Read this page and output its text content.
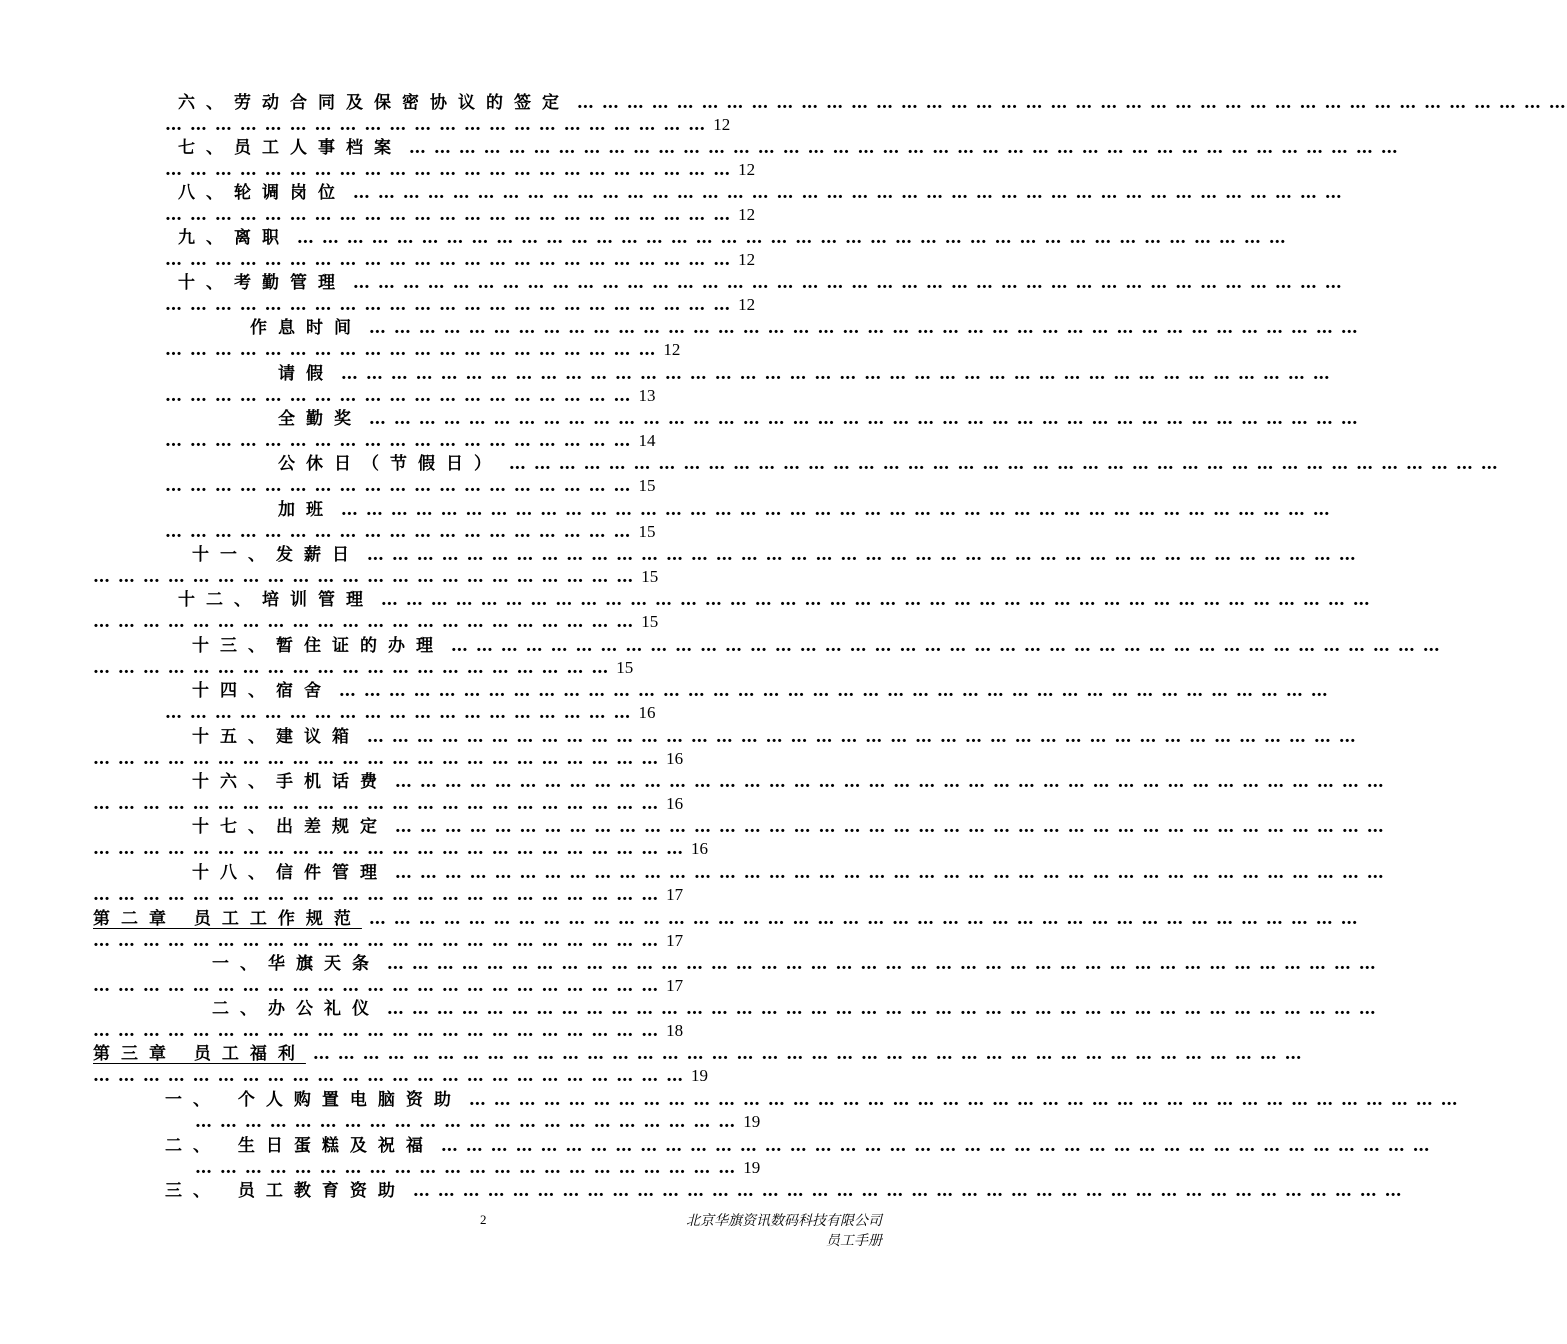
六、劳动合同及保密协议的签定 … … … … … … … … … … … … … … … … … … … … … … … … … … … … … … … … … … … … … … … …
… … … … … … … … … … … … … … … … … … … … … … 12
七、员工人事档案 … … … … … … … … … … … … … … … … … … … … … … … … … … … … … … … … … … … … … … … …
… … … … … … … … … … … … … … … … … … … … … … … 12
八、轮调岗位 … … … … … … … … … … … … … … … … … … … … … … … … … … … … … … … … … … … … … … … …
… … … … … … … … … … … … … … … … … … … … … … … 12
九、离职 … … … … … … … … … … … … … … … … … … … … … … … … … … … … … … … … … … … … … … … …
… … … … … … … … … … … … … … … … … … … … … … … 12
十、考勤管理 … … … … … … … … … … … … … … … … … … … … … … … … … … … … … … … … … … … … … … … …
… … … … … … … … … … … … … … … … … … … … … … … 12
作息时间 … … … … … … … … … … … … … … … … … … … … … … … … … … … … … … … … … … … … … … … …
… … … … … … … … … … … … … … … … … … … … 12
请假 … … … … … … … … … … … … … … … … … … … … … … … … … … … … … … … … … … … … … … … …
… … … … … … … … … … … … … … … … … … … 13
全勤奖 … … … … … … … … … … … … … … … … … … … … … … … … … … … … … … … … … … … … … … … …
… … … … … … … … … … … … … … … … … … … 14
公休日（节假日） … … … … … … … … … … … … … … … … … … … … … … … … … … … … … … … … … … … … … … … …
… … … … … … … … … … … … … … … … … … … 15
加班 … … … … … … … … … … … … … … … … … … … … … … … … … … … … … … … … … … … … … … … …
… … … … … … … … … … … … … … … … … … … 15
十一、发薪日 … … … … … … … … … … … … … … … … … … … … … … … … … … … … … … … … … … … … … … … …
… … … … … … … … … … … … … … … … … … … … … … 15
十二、培训管理 … … … … … … … … … … … … … … … … … … … … … … … … … … … … … … … … … … … … … … … …
… … … … … … … … … … … … … … … … … … … … … … 15
十三、暂住证的办理 … … … … … … … … … … … … … … … … … … … … … … … … … … … … … … … … … … … … … … … …
… … … … … … … … … … … … … … … … … … … … … 15
十四、宿舍 … … … … … … … … … … … … … … … … … … … … … … … … … … … … … … … … … … … … … … … …
… … … … … … … … … … … … … … … … … … … 16
十五、建议箱 … … … … … … … … … … … … … … … … … … … … … … … … … … … … … … … … … … … … … … … …
… … … … … … … … … … … … … … … … … … … … … … … 16
十六、手机话费 … … … … … … … … … … … … … … … … … … … … … … … … … … … … … … … … … … … … … … … …
… … … … … … … … … … … … … … … … … … … … … … … 16
十七、出差规定 … … … … … … … … … … … … … … … … … … … … … … … … … … … … … … … … … … … … … … … …
… … … … … … … … … … … … … … … … … … … … … … … … 16
十八、信件管理 … … … … … … … … … … … … … … … … … … … … … … … … … … … … … … … … … … … … … … … …
… … … … … … … … … … … … … … … … … … … … … … … 17
第二章 员工工作规范 … … … … … … … … … … … … … … … … … … … … … … … … … … … … … … … … … … … … … … … …
… … … … … … … … … … … … … … … … … … … … … … … 17
一、华旗天条 … … … … … … … … … … … … … … … … … … … … … … … … … … … … … … … … … … … … … … … …
… … … … … … … … … … … … … … … … … … … … … … … 17
二、办公礼仪 … … … … … … … … … … … … … … … … … … … … … … … … … … … … … … … … … … … … … … … …
… … … … … … … … … … … … … … … … … … … … … … … 18
第三章 员工福利 … … … … … … … … … … … … … … … … … … … … … … … … … … … … … … … … … … … … … … … …
… … … … … … … … … … … … … … … … … … … … … … … … 19
一、 个人购置电脑资助 … … … … … … … … … … … … … … … … … … … … … … … … … … … … … … … … … … … … … … … …
… … … … … … … … … … … … … … … … … … … … … … 19
二、 生日蛋糕及祝福 … … … … … … … … … … … … … … … … … … … … … … … … … … … … … … … … … … … … … … … …
… … … … … … … … … … … … … … … … … … … … … … 19
三、 员工教育资助 … … … … … … … … … … … … … … … … … … … … … … … … … … … … … … … … … … … … … … … …
2	北京华旗资讯数码科技有限公司
员工手册
